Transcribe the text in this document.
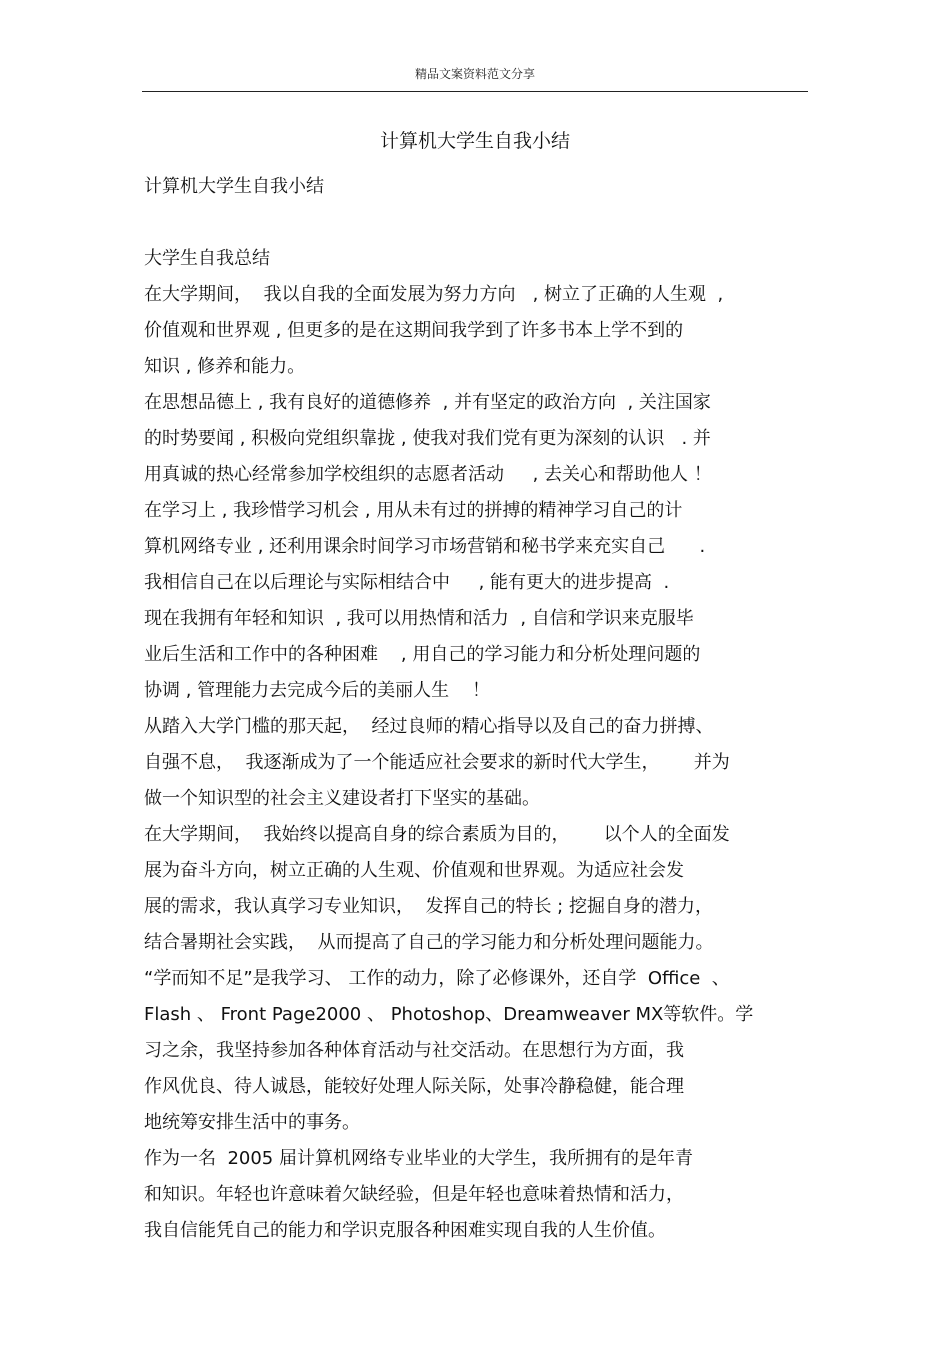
精品文案资料范文分享
计算机大学生自我小结
计算机大学生自我小结
大学生自我总结
在大学期间，  我以自我的全面发展为努力方向   , 树立了正确的人生观  ,
价值观和世界观 , 但更多的是在这期间我学到了许多书本上学不到的
知识 , 修养和能力。
在思想品德上 , 我有良好的道德修养  , 并有坚定的政治方向  , 关注国家
的时势要闻 , 积极向党组织靠拢 , 使我对我们党有更为深刻的认识   . 并
用真诚的热心经常参加学校组织的志愿者活动     , 去关心和帮助他人 ！
在学习上 , 我珍惜学习机会 , 用从未有过的拼搏的精神学习自己的计
算机网络专业 , 还利用课余时间学习市场营销和秘书学来充实自己      .
我相信自己在以后理论与实际相结合中     , 能有更大的进步提高  .
现在我拥有年轻和知识  , 我可以用热情和活力  , 自信和学识来克服毕
业后生活和工作中的各种困难    , 用自己的学习能力和分析处理问题的
协调 , 管理能力去完成今后的美丽人生    ！
从踏入大学门槛的那天起，  经过良师的精心指导以及自己的奋力拼搏、
自强不息，  我逐渐成为了一个能适应社会要求的新时代大学生，      并为
做一个知识型的社会主义建设者打下坚实的基础。
在大学期间，  我始终以提高自身的综合素质为目的，      以个人的全面发
展为奋斗方向，树立正确的人生观、价值观和世界观。为适应社会发
展的需求，我认真学习专业知识，  发挥自己的特长 ; 挖掘自身的潜力，
结合暑期社会实践，  从而提高了自己的学习能力和分析处理问题能力。
“学而知不足”是我学习、 工作的动力，除了必修课外，还自学  Office  、
Flash 、 Front Page2000 、 Photoshop、Dreamweaver MX等软件。学
习之余，我坚持参加各种体育活动与社交活动。在思想行为方面，我
作风优良、待人诚恳，能较好处理人际关际，处事冷静稳健，能合理
地统筹安排生活中的事务。
作为一名  2005 届计算机网络专业毕业的大学生，我所拥有的是年青
和知识。年轻也许意味着欠缺经验，但是年轻也意味着热情和活力，
我自信能凭自己的能力和学识克服各种困难实现自我的人生价值。
